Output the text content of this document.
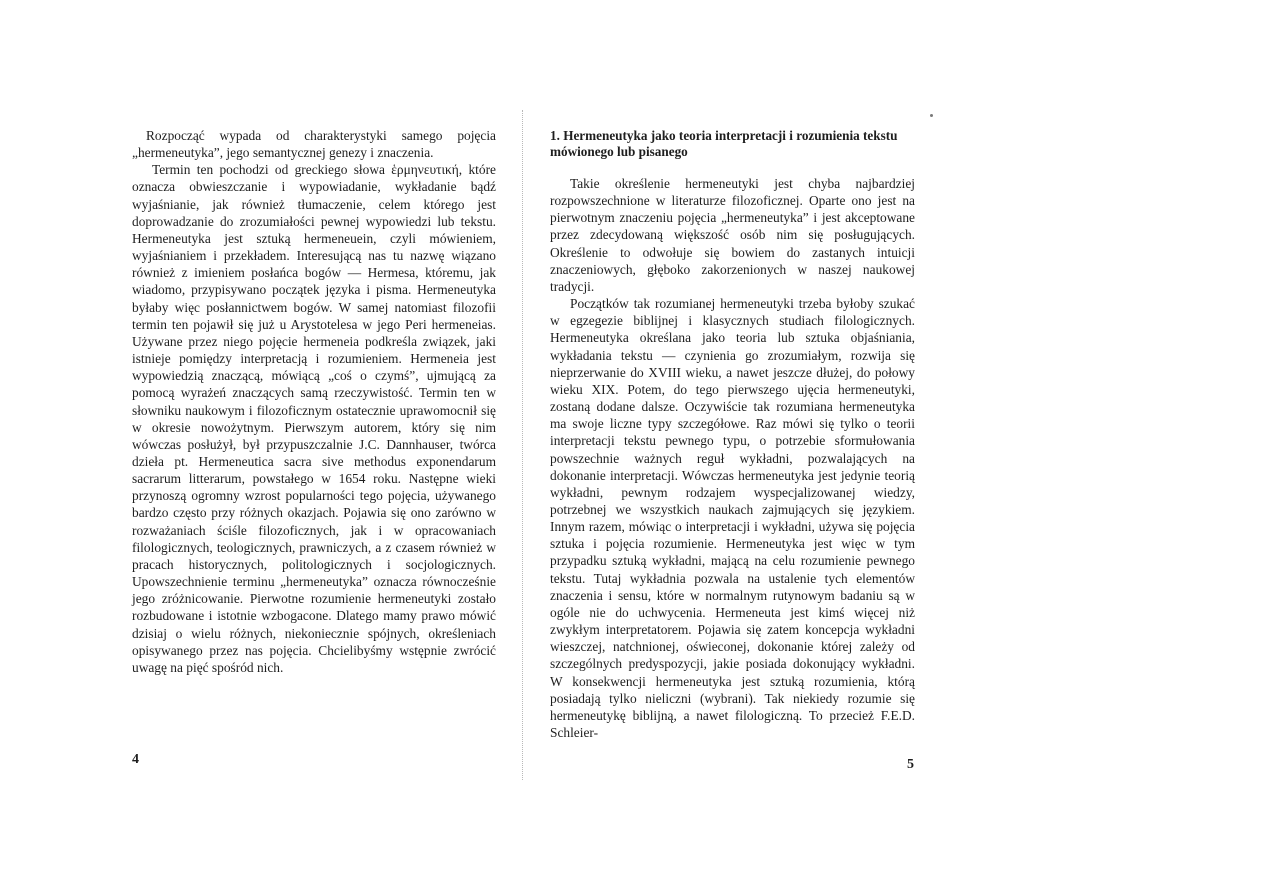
Rozpocząć wypada od charakterystyki samego pojęcia „hermeneutyka”, jego semantycznej genezy i znaczenia.

Termin ten pochodzi od greckiego słowa ἑρμηνευτική, które oznacza obwieszczanie i wypowiadanie, wykładanie bądź wyjaśnianie, jak również tłumaczenie, celem którego jest doprowadzanie do zrozumiałości pewnej wypowiedzi lub tekstu. Hermeneutyka jest sztuką hermeneuein, czyli mówieniem, wyjaśnianiem i przekładem. Interesującą nas tu nazwę wiązano również z imieniem posłańca bogów — Hermesa, któremu, jak wiadomo, przypisywano początek języka i pisma. Hermeneutyka byłaby więc posłannictwem bogów. W samej natomiast filozofii termin ten pojawił się już u Arystotelesa w jego Peri hermeneias. Używane przez niego pojęcie hermeneia podkreśla związek, jaki istnieje pomiędzy interpretacją i rozumieniem. Hermeneia jest wypowiedzią znaczącą, mówiącą „coś o czymś”, ujmującą za pomocą wyrażeń znaczących samą rzeczywistość. Termin ten w słowniku naukowym i filozoficznym ostatecznie uprawomocnił się w okresie nowożytnym. Pierwszym autorem, który się nim wówczas posłużył, był przypuszczalnie J.C. Dannhauser, twórca dzieła pt. Hermeneutica sacra sive methodus exponendarum sacrarum litterarum, powstałego w 1654 roku. Następne wieki przynoszą ogromny wzrost popularności tego pojęcia, używanego bardzo często przy różnych okazjach. Pojawia się ono zarówno w rozważaniach ściśle filozoficznych, jak i w opracowaniach filologicznych, teologicznych, prawniczych, a z czasem również w pracach historycznych, politologicznych i socjologicznych. Upowszechnienie terminu „hermeneutyka” oznacza równocześnie jego zróżnicowanie. Pierwotne rozumienie hermeneutyki zostało rozbudowane i istotnie wzbogacone. Dlatego mamy prawo mówić dzisiaj o wielu różnych, niekoniecznie spójnych, określeniach opisywanego przez nas pojęcia. Chcielibyśmy wstępnie zwrócić uwagę na pięć spośród nich.

4
1. Hermeneutyka jako teoria interpretacji i rozumienia tekstu mówionego lub pisanego

Takie określenie hermeneutyki jest chyba najbardziej rozpowszechnione w literaturze filozoficznej. Oparte ono jest na pierwotnym znaczeniu pojęcia „hermeneutyka” i jest akceptowane przez zdecydowaną większość osób nim się posługujących. Określenie to odwołuje się bowiem do zastanych intuicji znaczeniowych, głęboko zakorzenionych w naszej naukowej tradycji.

Początków tak rozumianej hermeneutyki trzeba byłoby szukać w egzegezie biblijnej i klasycznych studiach filologicznych. Hermeneutyka określana jako teoria lub sztuka objaśniania, wykładania tekstu — czynienia go zrozumiałym, rozwija się nieprzerwanie do XVIII wieku, a nawet jeszcze dłużej, do połowy wieku XIX. Potem, do tego pierwszego ujęcia hermeneutyki, zostaną dodane dalsze. Oczywiście tak rozumiana hermeneutyka ma swoje liczne typy szczegółowe. Raz mówi się tylko o teorii interpretacji tekstu pewnego typu, o potrzebie sformułowania powszechnie ważnych reguł wykładni, pozwalających na dokonanie interpretacji. Wówczas hermeneutyka jest jedynie teorią wykładni, pewnym rodzajem wyspecjalizowanej wiedzy, potrzebnej we wszystkich naukach zajmujących się językiem. Innym razem, mówiąc o interpretacji i wykładni, używa się pojęcia sztuka i pojęcia rozumienie. Hermeneutyka jest więc w tym przypadku sztuką wykładni, mającą na celu rozumienie pewnego tekstu. Tutaj wykładnia pozwala na ustalenie tych elementów znaczenia i sensu, które w normalnym rutynowym badaniu są w ogóle nie do uchwycenia. Hermeneuta jest kimś więcej niż zwykłym interpretatorem. Pojawia się zatem koncepcja wykładni wieszczej, natchnionej, oświeconej, dokonanie której zależy od szczególnych predyspozycji, jakie posiada dokonujący wykładni. W konsekwencji hermeneutyka jest sztuką rozumienia, którą posiadają tylko nieliczni (wybrani). Tak niekiedy rozumie się hermeneutykę biblijną, a nawet filologiczną. To przecież F.E.D. Schleier-

5
